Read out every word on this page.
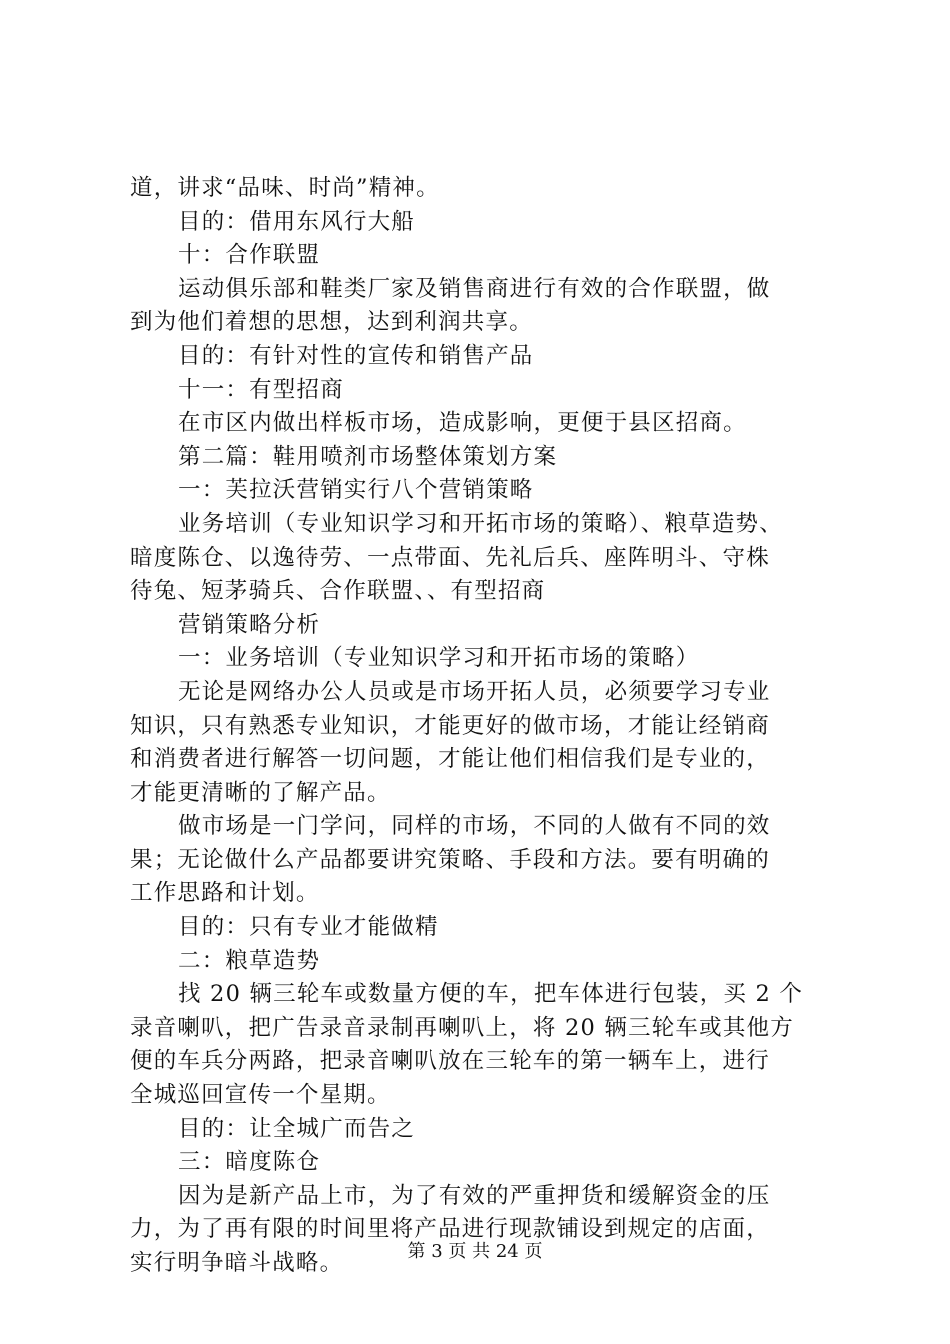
道，讲求“品味、时尚”精神。
目的：借用东风行大船
十：合作联盟
运动俱乐部和鞋类厂家及销售商进行有效的合作联盟，做
到为他们着想的思想，达到利润共享。
目的：有针对性的宣传和销售产品
十一：有型招商
在市区内做出样板市场，造成影响，更便于县区招商。
第二篇：鞋用喷剂市场整体策划方案
一：芙拉沃营销实行八个营销策略
业务培训（专业知识学习和开拓市场的策略）、粮草造势、
暗度陈仓、以逸待劳、一点带面、先礼后兵、座阵明斗、守株
待兔、短茅骑兵、合作联盟、、有型招商
营销策略分析
一：业务培训（专业知识学习和开拓市场的策略）
无论是网络办公人员或是市场开拓人员，必须要学习专业
知识，只有熟悉专业知识，才能更好的做市场，才能让经销商
和消费者进行解答一切问题，才能让他们相信我们是专业的，
才能更清晰的了解产品。
做市场是一门学问，同样的市场，不同的人做有不同的效
果；无论做什么产品都要讲究策略、手段和方法。要有明确的
工作思路和计划。
目的：只有专业才能做精
二：粮草造势
找 20 辆三轮车或数量方便的车，把车体进行包装，买 2 个
录音喇叭，把广告录音录制再喇叭上，将 20 辆三轮车或其他方
便的车兵分两路，把录音喇叭放在三轮车的第一辆车上，进行
全城巡回宣传一个星期。
目的：让全城广而告之
三：暗度陈仓
因为是新产品上市，为了有效的严重押货和缓解资金的压
力，为了再有限的时间里将产品进行现款铺设到规定的店面，
实行明争暗斗战略。	第 3 页 共 24 页
